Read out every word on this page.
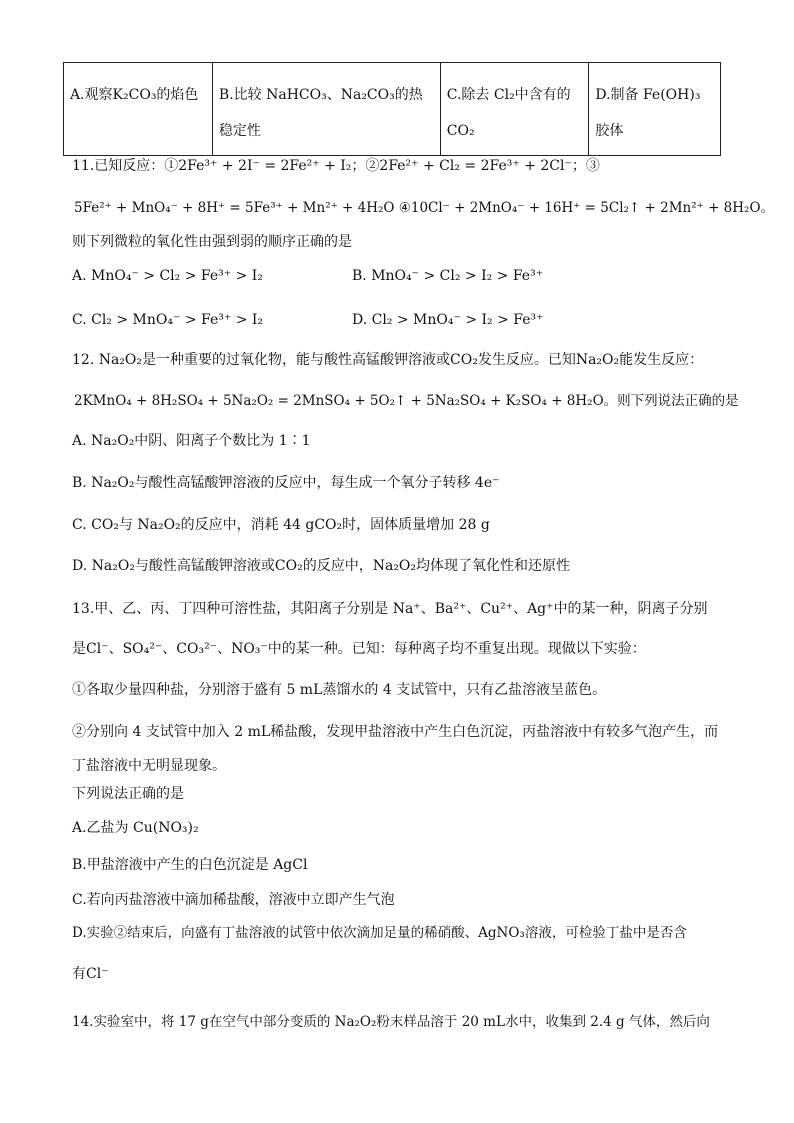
A.观察K₂CO₃的焰色	B.比较 NaHCO₃、Na₂CO₃的热稳定性	C.除去 Cl₂中含有的CO₂	D.制备 Fe(OH)₃胶体
11.已知反应：①2Fe³⁺ + 2I⁻ = 2Fe²⁺ + I₂；②2Fe²⁺ + Cl₂ = 2Fe³⁺ + 2Cl⁻；③
5Fe²⁺ + MnO₄⁻ + 8H⁺ = 5Fe³⁺ + Mn²⁺ + 4H₂O ④10Cl⁻ + 2MnO₄⁻ + 16H⁺ = 5Cl₂↑ + 2Mn²⁺ + 8H₂O。
则下列微粒的氧化性由强到弱的顺序正确的是
A. MnO₄⁻ > Cl₂ > Fe³⁺ > I₂	B. MnO₄⁻ > Cl₂ > I₂ > Fe³⁺
C. Cl₂ > MnO₄⁻ > Fe³⁺ > I₂	D. Cl₂ > MnO₄⁻ > I₂ > Fe³⁺
12. Na₂O₂是一种重要的过氧化物，能与酸性高锰酸钾溶液或CO₂发生反应。已知Na₂O₂能发生反应：
2KMnO₄ + 8H₂SO₄ + 5Na₂O₂ = 2MnSO₄ + 5O₂↑ + 5Na₂SO₄ + K₂SO₄ + 8H₂O。则下列说法正确的是
A. Na₂O₂中阴、阳离子个数比为 1∶1
B. Na₂O₂与酸性高锰酸钾溶液的反应中，每生成一个氧分子转移 4e⁻
C. CO₂与 Na₂O₂的反应中，消耗 44 gCO₂时，固体质量增加 28 g
D. Na₂O₂与酸性高锰酸钾溶液或CO₂的反应中，Na₂O₂均体现了氧化性和还原性
13.甲、乙、丙、丁四种可溶性盐，其阳离子分别是 Na⁺、Ba²⁺、Cu²⁺、Ag⁺中的某一种，阴离子分别
是Cl⁻、SO₄²⁻、CO₃²⁻、NO₃⁻中的某一种。已知：每种离子均不重复出现。现做以下实验：
①各取少量四种盐，分别溶于盛有 5 mL蒸馏水的 4 支试管中，只有乙盐溶液呈蓝色。
②分别向 4 支试管中加入 2 mL稀盐酸，发现甲盐溶液中产生白色沉淀，丙盐溶液中有较多气泡产生，而
丁盐溶液中无明显现象。
下列说法正确的是
A.乙盐为 Cu(NO₃)₂
B.甲盐溶液中产生的白色沉淀是 AgCl
C.若向丙盐溶液中滴加稀盐酸，溶液中立即产生气泡
D.实验②结束后，向盛有丁盐溶液的试管中依次滴加足量的稀硝酸、AgNO₃溶液，可检验丁盐中是否含
有Cl⁻
14.实验室中，将 17 g在空气中部分变质的 Na₂O₂粉末样品溶于 20 mL水中，收集到 2.4 g 气体，然后向
